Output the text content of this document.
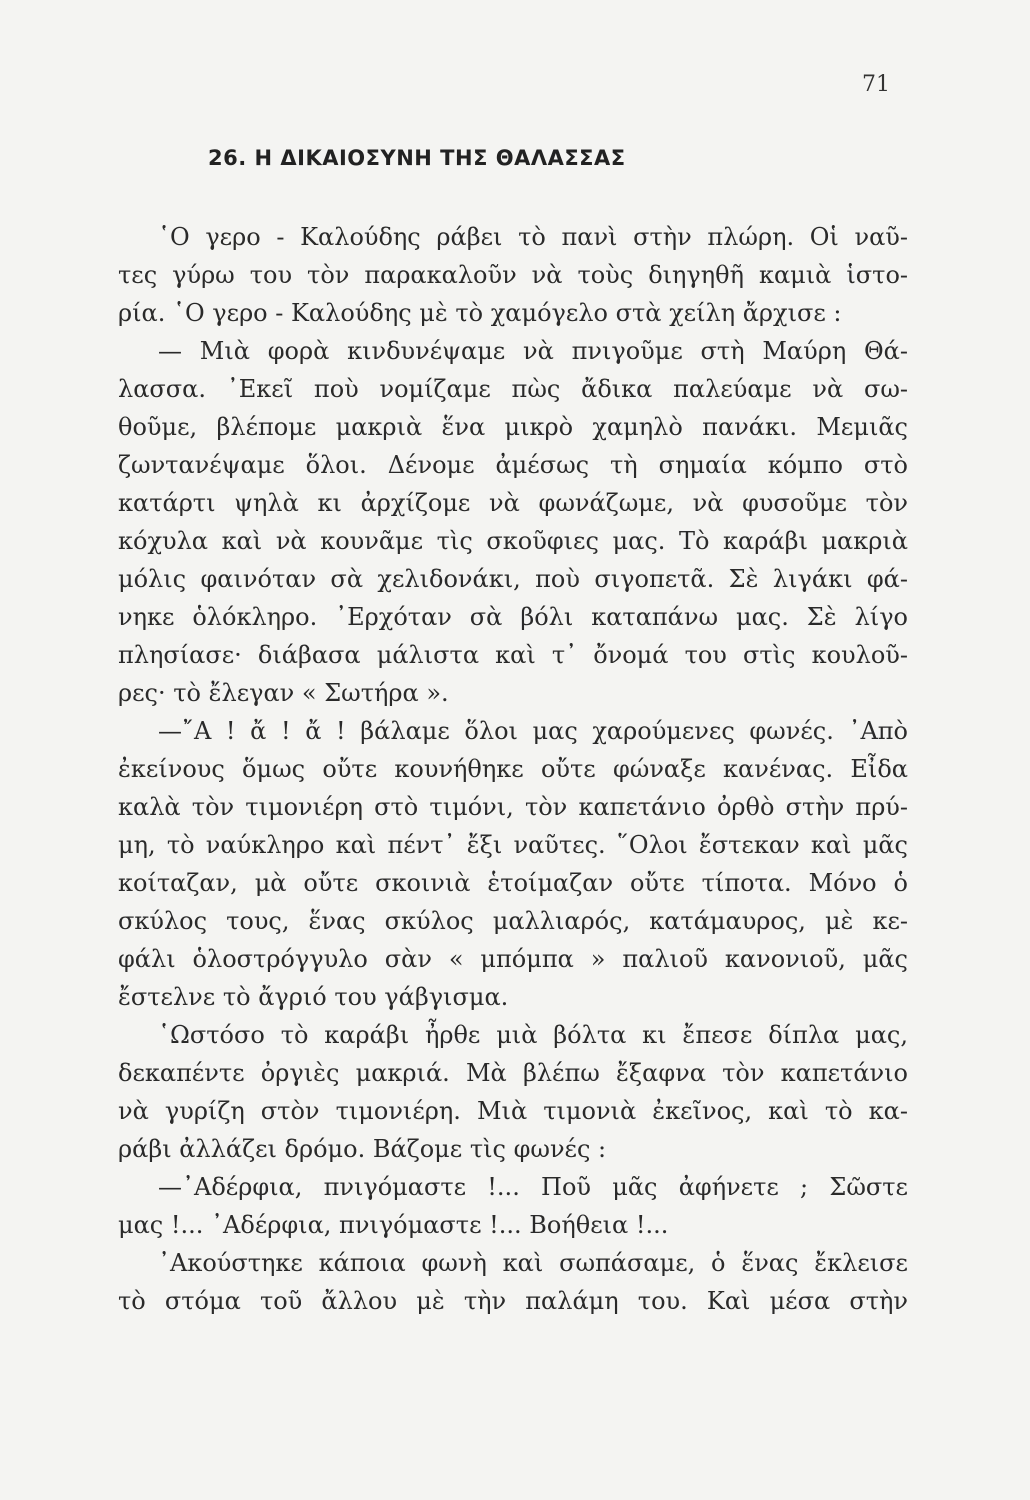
71
26. Η ΔΙΚΑΙΟΣΥΝΗ ΤΗΣ ΘΑΛΑΣΣΑΣ
῾Ο γερο - Καλούδης ράβει τὸ πανὶ στὴν πλώρη. Οἱ ναῦ-
τες γύρω του τὸν παρακαλοῦν νὰ τοὺς διηγηθῆ καμιὰ ἱστο-
ρία. ῾Ο γερο - Καλούδης μὲ τὸ χαμόγελο στὰ χείλη ἄρχισε :
— Μιὰ φορὰ κινδυνέψαμε νὰ πνιγοῦμε στὴ Μαύρη Θά-
λασσα. ᾿Εκεῖ ποὺ νομίζαμε πὼς ἄδικα παλεύαμε νὰ σω-
θοῦμε, βλέπομε μακριὰ ἕνα μικρὸ χαμηλὸ πανάκι. Μεμιᾶς
ζωντανέψαμε ὅλοι. Δένομε ἀμέσως τὴ σημαία κόμπο στὸ
κατάρτι ψηλὰ κι ἀρχίζομε νὰ φωνάζωμε, νὰ φυσοῦμε τὸν
κόχυλα καὶ νὰ κουνᾶμε τὶς σκοῦφιες μας. Τὸ καράβι μακριὰ
μόλις φαινόταν σὰ χελιδονάκι, ποὺ σιγοπετᾶ. Σὲ λιγάκι φά-
νηκε ὁλόκληρο. ᾿Ερχόταν σὰ βόλι καταπάνω μας. Σὲ λίγο
πλησίασε· διάβασα μάλιστα καὶ τ᾿ ὄνομά του στὶς κουλοῦ-
ρες· τὸ ἔλεγαν « Σωτήρα ».
—῎Α ! ἄ ! ἄ ! βάλαμε ὅλοι μας χαρούμενες φωνές. ᾿Απὸ
ἐκείνους ὅμως οὔτε κουνήθηκε οὔτε φώναξε κανένας. Εἶδα
καλὰ τὸν τιμονιέρη στὸ τιμόνι, τὸν καπετάνιο ὀρθὸ στὴν πρύ-
μη, τὸ ναύκληρο καὶ πέντ᾿ ἔξι ναῦτες. ῞Ολοι ἔστεκαν καὶ μᾶς
κοίταζαν, μὰ οὔτε σκοινιὰ ἑτοίμαζαν οὔτε τίποτα. Μόνο ὁ
σκύλος τους, ἕνας σκύλος μαλλιαρός, κατάμαυρος, μὲ κε-
φάλι ὁλοστρόγγυλο σὰν « μπόμπα » παλιοῦ κανονιοῦ, μᾶς
ἔστελνε τὸ ἄγριό του γάβγισμα.
῾Ωστόσο τὸ καράβι ἦρθε μιὰ βόλτα κι ἔπεσε δίπλα μας,
δεκαπέντε ὀργιὲς μακριά. Μὰ βλέπω ἔξαφνα τὸν καπετάνιο
νὰ γυρίζη στὸν τιμονιέρη. Μιὰ τιμονιὰ ἐκεῖνος, καὶ τὸ κα-
ράβι ἀλλάζει δρόμο. Βάζομε τὶς φωνές :
—᾿Αδέρφια, πνιγόμαστε !... Ποῦ μᾶς ἀφήνετε ; Σῶστε
μας !... ᾿Αδέρφια, πνιγόμαστε !... Βοήθεια !...
᾿Ακούστηκε κάποια φωνὴ καὶ σωπάσαμε, ὁ ἕνας ἔκλεισε
τὸ στόμα τοῦ ἄλλου μὲ τὴν παλάμη του. Καὶ μέσα στὴν
